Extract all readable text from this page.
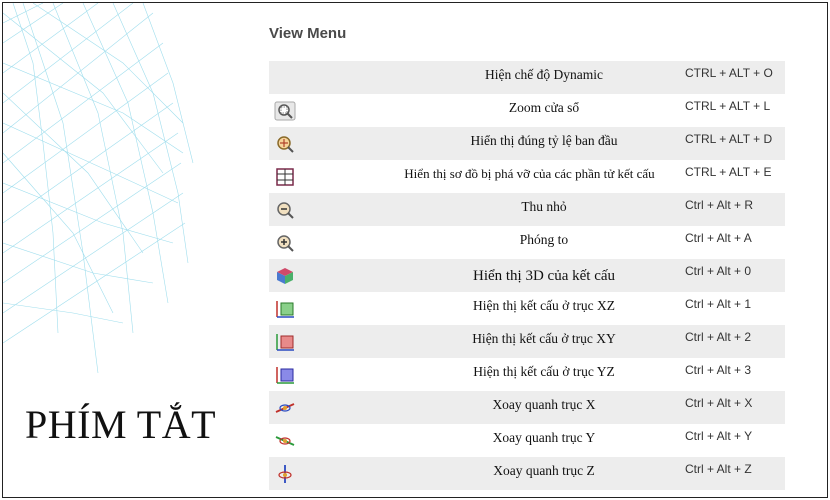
PHÍM TẮT
View Menu
Hiện chế độ Dynamic	CTRL + ALT + O
Zoom cửa sổ	CTRL + ALT + L
Hiển thị đúng tỷ lệ ban đầu	CTRL + ALT + D
Hiển thị sơ đồ bị phá vỡ của các phần tử kết cấu	CTRL + ALT + E
Thu nhỏ	Ctrl + Alt + R
Phóng to	Ctrl + Alt + A
Hiển thị 3D của kết cấu	Ctrl + Alt + 0
Hiện thị kết cấu ở trục XZ	Ctrl + Alt + 1
Hiện thị kết cấu ở trục XY	Ctrl + Alt + 2
Hiện thị kết cấu ở trục YZ	Ctrl + Alt + 3
Xoay quanh trục X	Ctrl + Alt + X
Xoay quanh trục Y	Ctrl + Alt + Y
Xoay quanh trục Z	Ctrl + Alt + Z
